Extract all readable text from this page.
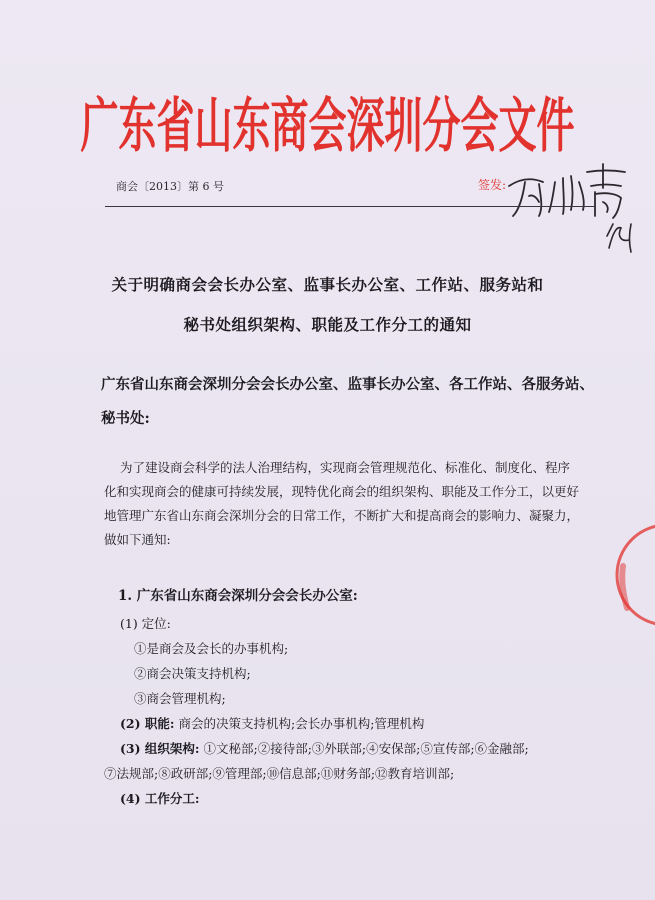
广东省山东商会深圳分会文件
商会〔2013〕第 6 号	签发:
关于明确商会会长办公室、监事长办公室、工作站、服务站和
秘书处组织架构、职能及工作分工的通知
广东省山东商会深圳分会会长办公室、监事长办公室、各工作站、各服务站、
秘书处:
为了建设商会科学的法人治理结构，实现商会管理规范化、标准化、制度化、程序
化和实现商会的健康可持续发展，现特优化商会的组织架构、职能及工作分工，以更好
地管理广东省山东商会深圳分会的日常工作，不断扩大和提高商会的影响力、凝聚力，
做如下通知:
1. 广东省山东商会深圳分会会长办公室:
(1) 定位:
①是商会及会长的办事机构;
②商会决策支持机构;
③商会管理机构;
(2) 职能: 商会的决策支持机构;会长办事机构;管理机构
(3) 组织架构: ①文秘部;②接待部;③外联部;④安保部;⑤宣传部;⑥金融部;
⑦法规部;⑧政研部;⑨管理部;⑩信息部;⑪财务部;⑫教育培训部;
(4) 工作分工:
